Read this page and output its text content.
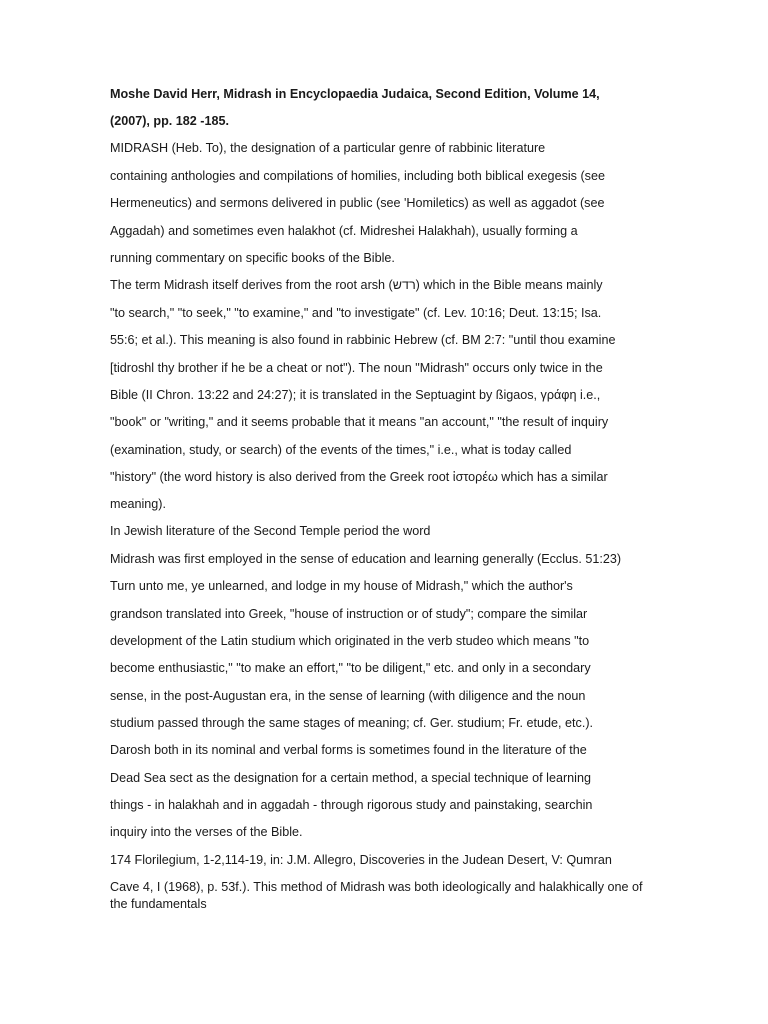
Moshe David Herr, Midrash in Encyclopaedia Judaica, Second Edition, Volume 14,
(2007), pp. 182 -185.
MIDRASH (Heb. To), the designation of a particular genre of rabbinic literature
containing anthologies and compilations of homilies, including both biblical exegesis (see
Hermeneutics) and sermons delivered in public (see 'Homiletics) as well as aggadot (see
Aggadah) and sometimes even halakhot (cf. Midreshei Halakhah), usually forming a
running commentary on specific books of the Bible.
The term Midrash itself derives from the root arsh (רדש) which in the Bible means mainly
"to search," "to seek," "to examine," and "to investigate" (cf. Lev. 10:16; Deut. 13:15; Isa.
55:6; et al.). This meaning is also found in rabbinic Hebrew (cf. BM 2:7: "until thou examine
[tidroshl thy brother if he be a cheat or not"). The noun "Midrash" occurs only twice in the
Bible (II Chron. 13:22 and 24:27); it is translated in the Septuagint by ßigaos, γράφη i.e.,
"book" or "writing," and it seems probable that it means "an account," "the result of inquiry
(examination, study, or search) of the events of the times," i.e., what is today called
"history" (the word history is also derived from the Greek root ἱστορέω which has a similar
meaning).
In Jewish literature of the Second Temple period the word
Midrash was first employed in the sense of education and learning generally (Ecclus. 51:23)
Turn unto me, ye unlearned, and lodge in my house of Midrash," which the author's
grandson translated into Greek, "house of instruction or of study"; compare the similar
development of the Latin studium which originated in the verb studeo which means "to
become enthusiastic," "to make an effort," "to be diligent," etc. and only in a secondary
sense, in the post-Augustan era, in the sense of learning (with diligence and the noun
studium passed through the same stages of meaning; cf. Ger. studium; Fr. etude, etc.).
Darosh both in its nominal and verbal forms is sometimes found in the literature of the
Dead Sea sect as the designation for a certain method, a special technique of learning
things - in halakhah and in aggadah - through rigorous study and painstaking, searchin
inquiry into the verses of the Bible.
174 Florilegium, 1-2,114-19, in: J.M. Allegro, Discoveries in the Judean Desert, V: Qumran
Cave 4, I (1968), p. 53f.). This method of Midrash was both ideologically and halakhically one of
the fundamentals
